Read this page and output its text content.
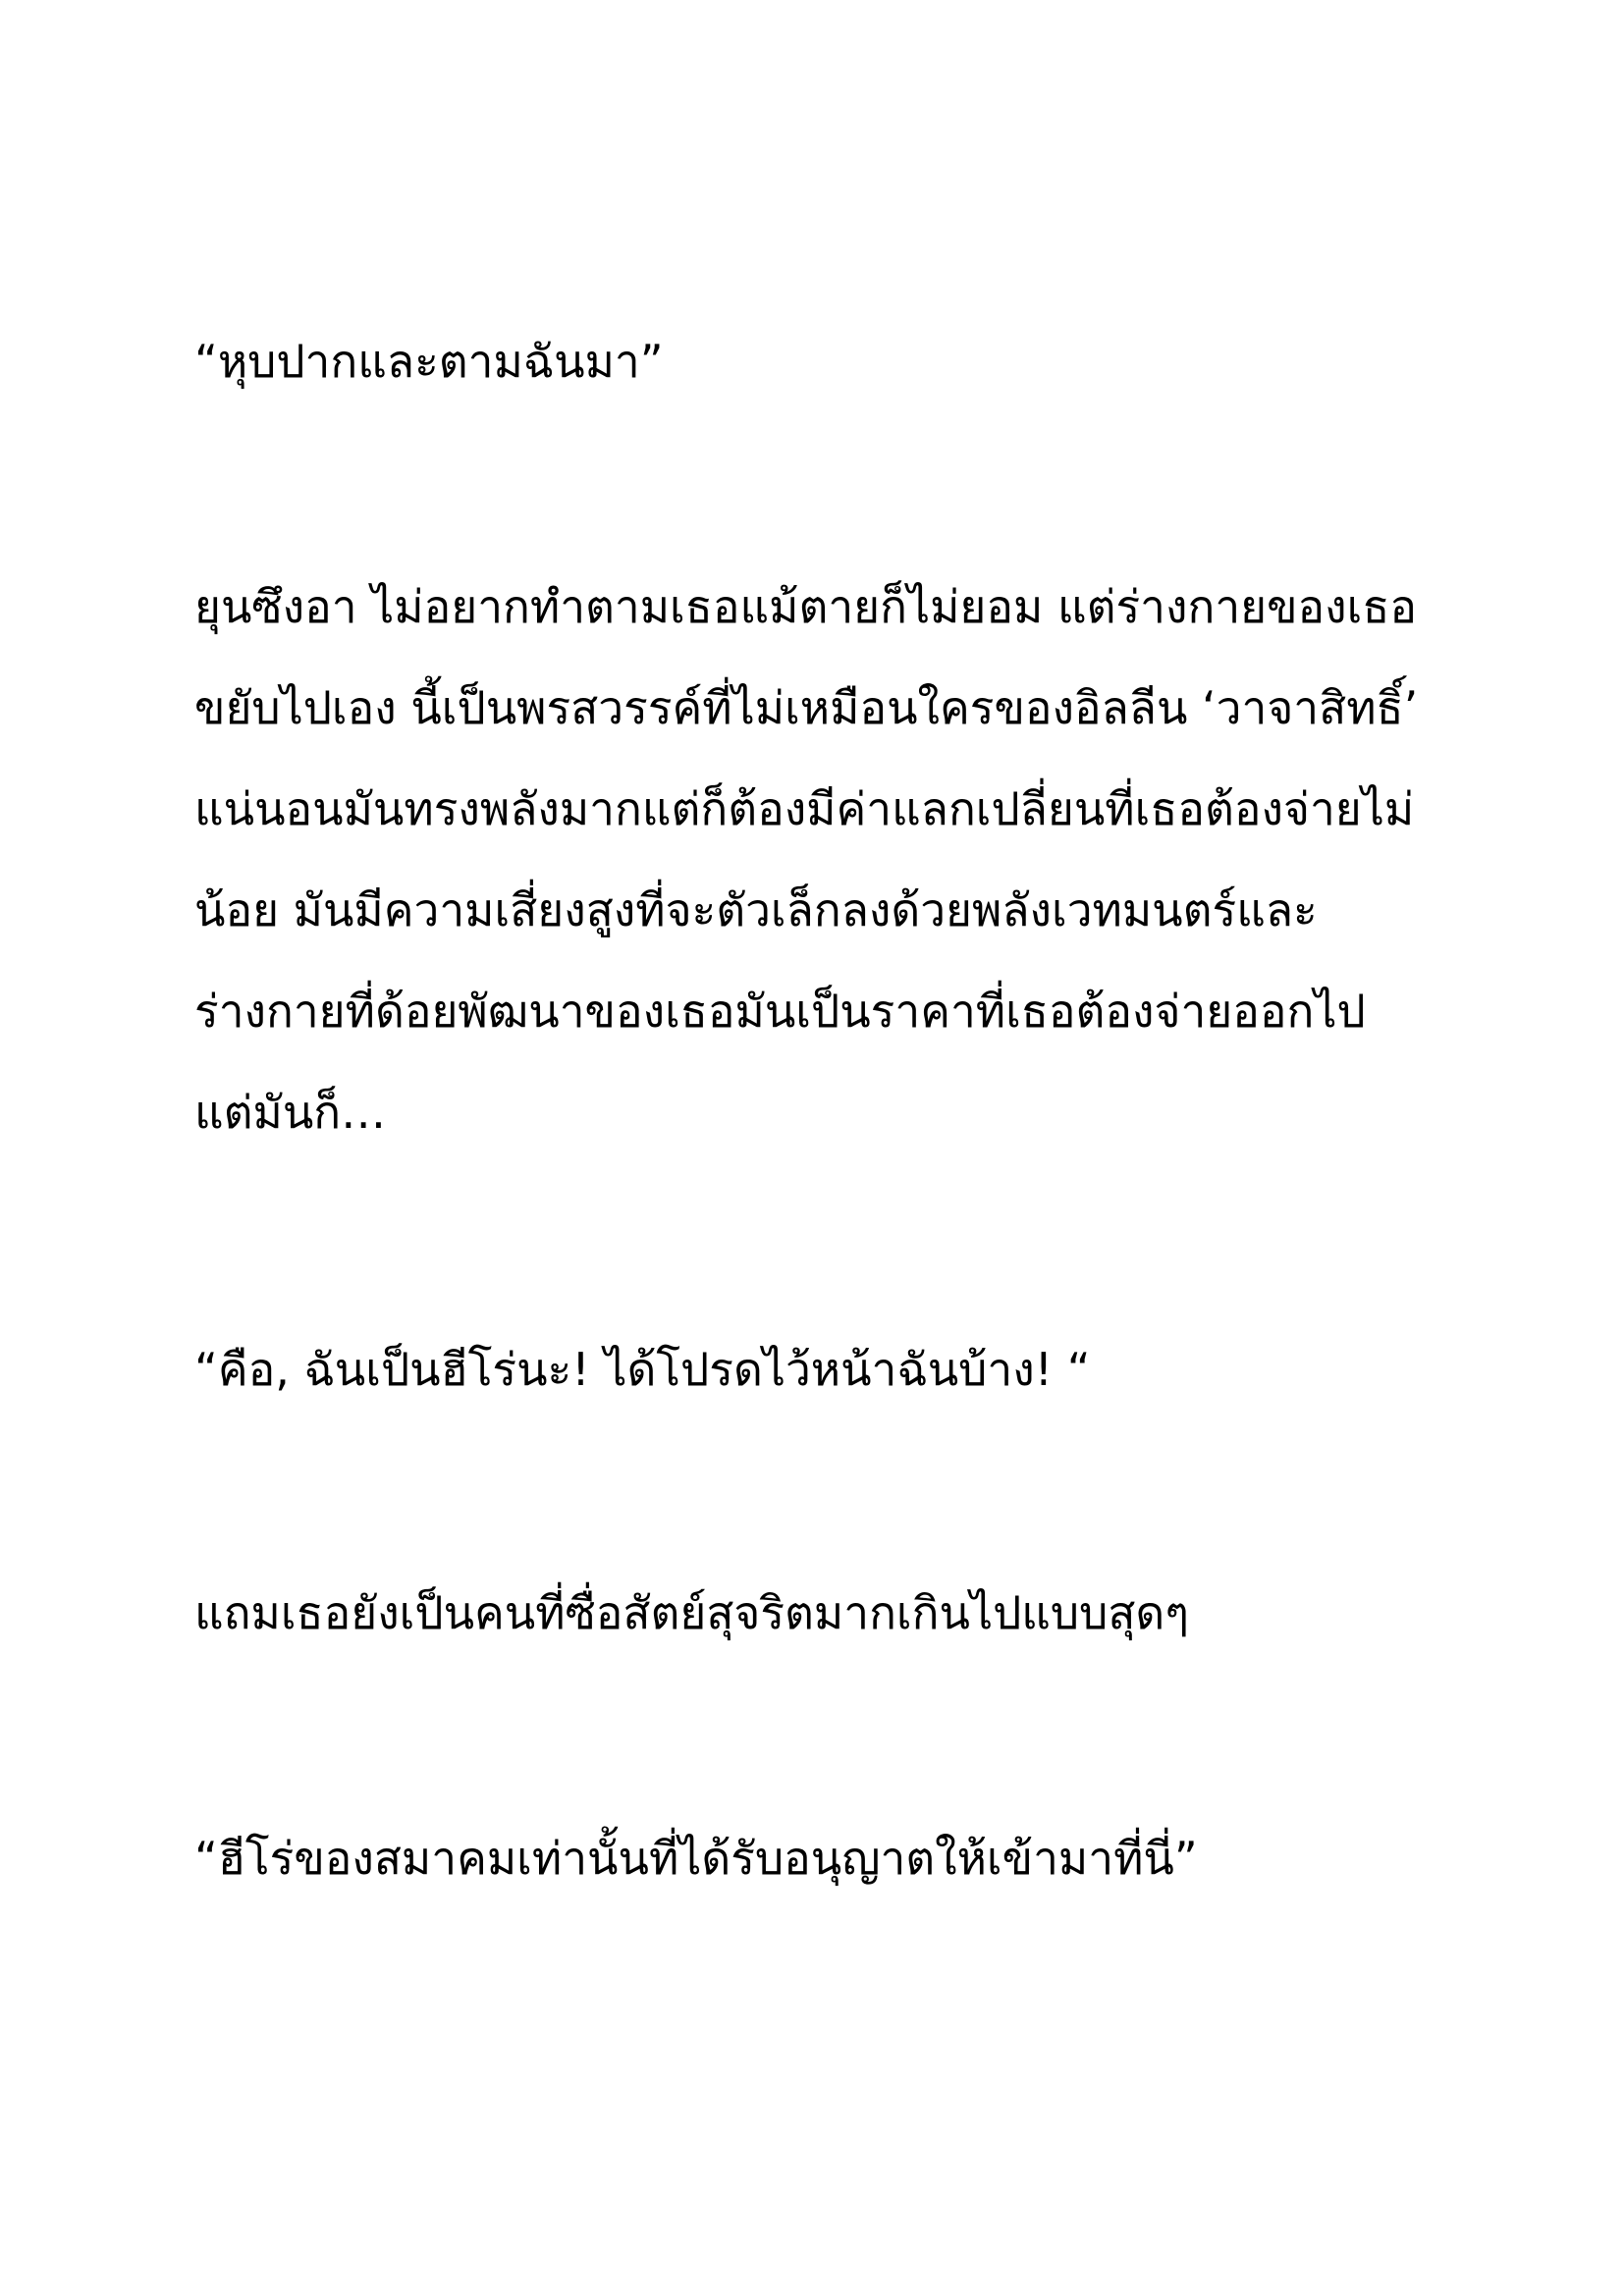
“หุบปากและตามฉันมา”

ยุนซึงอา ไม่อยากทำตามเธอแม้ตายก็ไม่ยอม แต่ร่างกายของเธอ

ขยับไปเอง นี้เป็นพรสวรรค์ที่ไม่เหมือนใครของอิลลีน ‘วาจาสิทธิ์’

แน่นอนมันทรงพลังมากแต่ก็ต้องมีค่าแลกเปลี่ยนที่เธอต้องจ่ายไม่

น้อย มันมีความเสี่ยงสูงที่จะตัวเล็กลงด้วยพลังเวทมนตร์และ

ร่างกายที่ด้อยพัฒนาของเธอมันเป็นราคาที่เธอต้องจ่ายออกไป

แต่มันก็…

“คือ, ฉันเป็นฮีโร่นะ! ได้โปรดไว้หน้าฉันบ้าง! “

แถมเธอยังเป็นคนที่ซื่อสัตย์สุจริตมากเกินไปแบบสุดๆ

“ฮีโร่ของสมาคมเท่านั้นที่ได้รับอนุญาตให้เข้ามาที่นี่”
